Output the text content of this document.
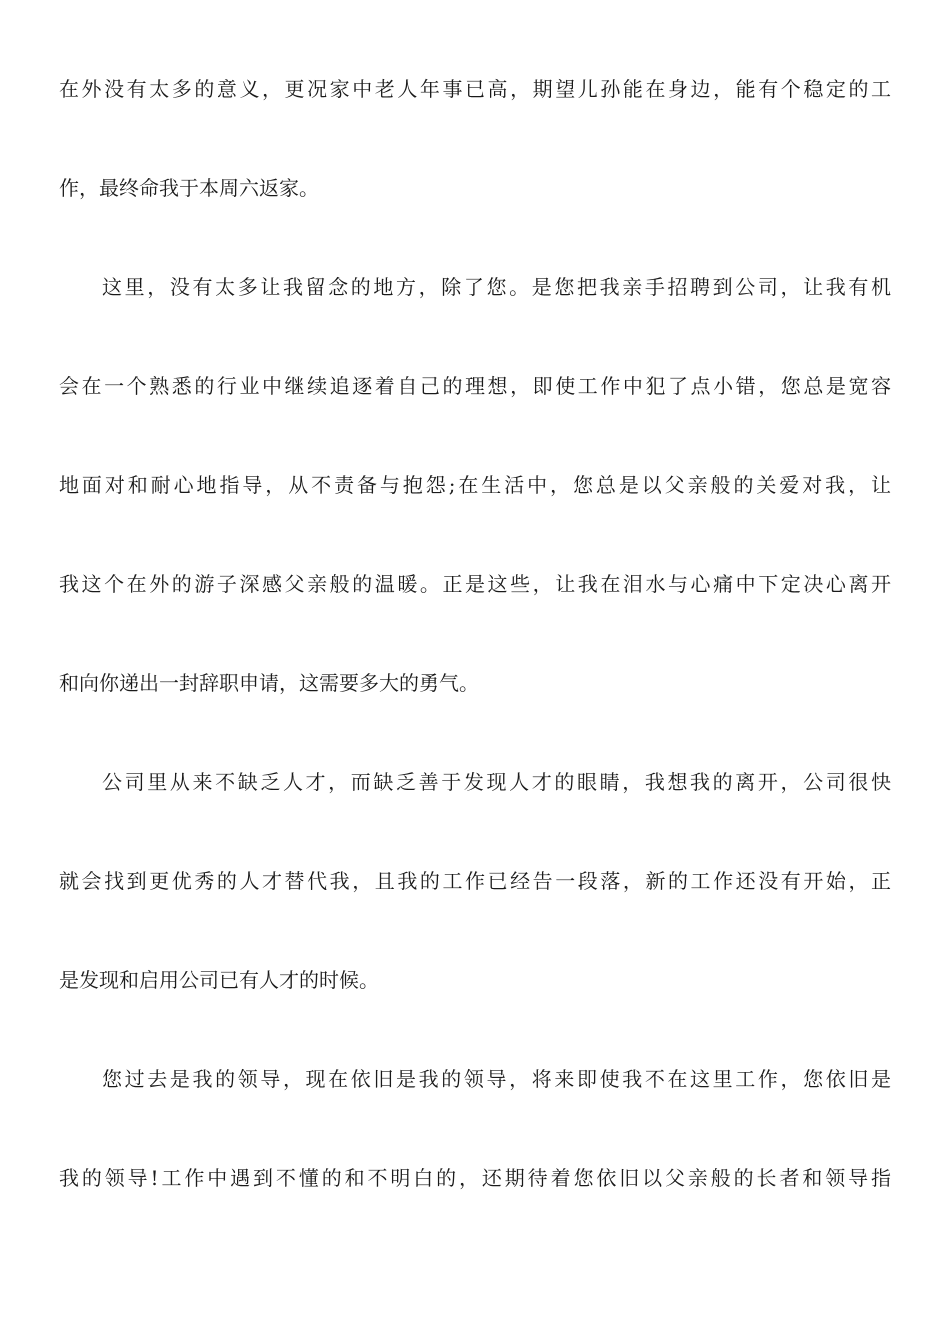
在外没有太多的意义，更况家中老人年事已高，期望儿孙能在身边，能有个稳定的工
作，最终命我于本周六返家。
这里，没有太多让我留念的地方，除了您。是您把我亲手招聘到公司，让我有机
会在一个熟悉的行业中继续追逐着自己的理想，即使工作中犯了点小错，您总是宽容
地面对和耐心地指导，从不责备与抱怨;在生活中，您总是以父亲般的关爱对我，让
我这个在外的游子深感父亲般的温暖。正是这些，让我在泪水与心痛中下定决心离开
和向你递出一封辞职申请，这需要多大的勇气。
公司里从来不缺乏人才，而缺乏善于发现人才的眼睛，我想我的离开，公司很快
就会找到更优秀的人才替代我，且我的工作已经告一段落，新的工作还没有开始，正
是发现和启用公司已有人才的时候。
您过去是我的领导，现在依旧是我的领导，将来即使我不在这里工作，您依旧是
我的领导!工作中遇到不懂的和不明白的，还期待着您依旧以父亲般的长者和领导指
